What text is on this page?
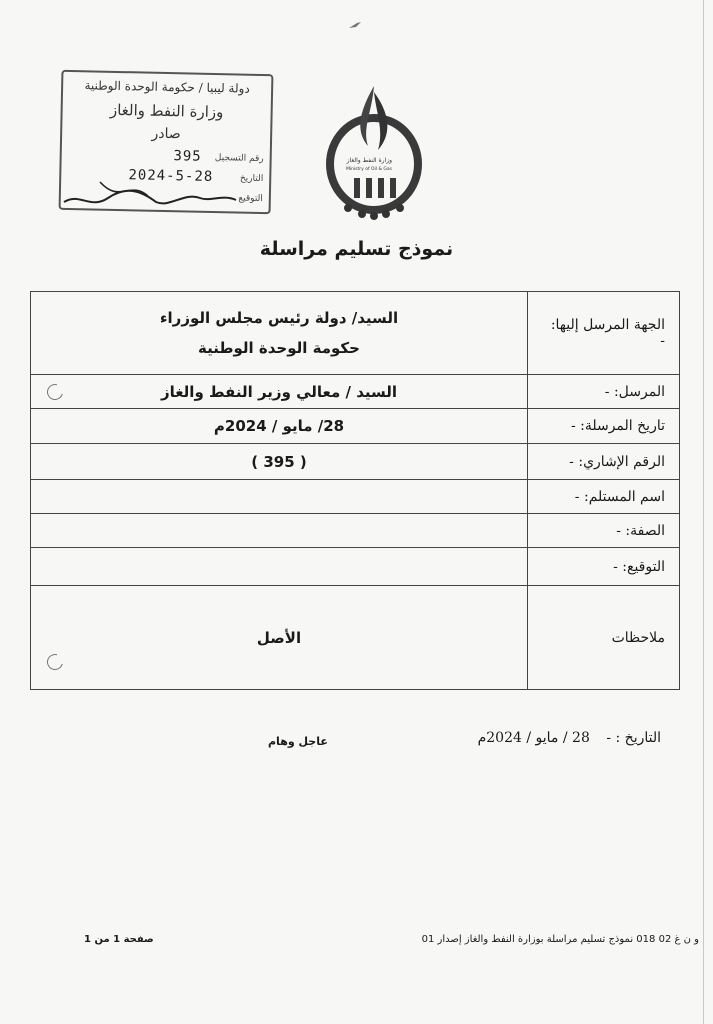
دولة ليبيا / حكومة الوحدة الوطنية
وزارة النفط والغاز
صادر
رقم التسجيل
395
التاريخ
2024-5-28
التوقيع
وزارة النفط والغاز
Ministry of Oil & Gas
نموذج تسليم مراسلة
الجهة المرسل إليها: -	السيد/ دولة رئيس مجلس الوزراء
حكومة الوحدة الوطنية

المرسل: -	السيد / معالي وزير النفط والغاز

تاريخ المرسلة: -	28/ مايو / 2024م
الرقم الإشاري: -	( 395 )
اسم المستلم: -	
الصفة: -	
التوقيع: -	
ملاحظات	الأصل
التاريخ : - 28 / مايو / 2024م
عاجل وهام
و ن غ 02 018 نموذج تسليم مراسلة بوزارة النفط والغاز إصدار 01
صفحة 1 من 1
